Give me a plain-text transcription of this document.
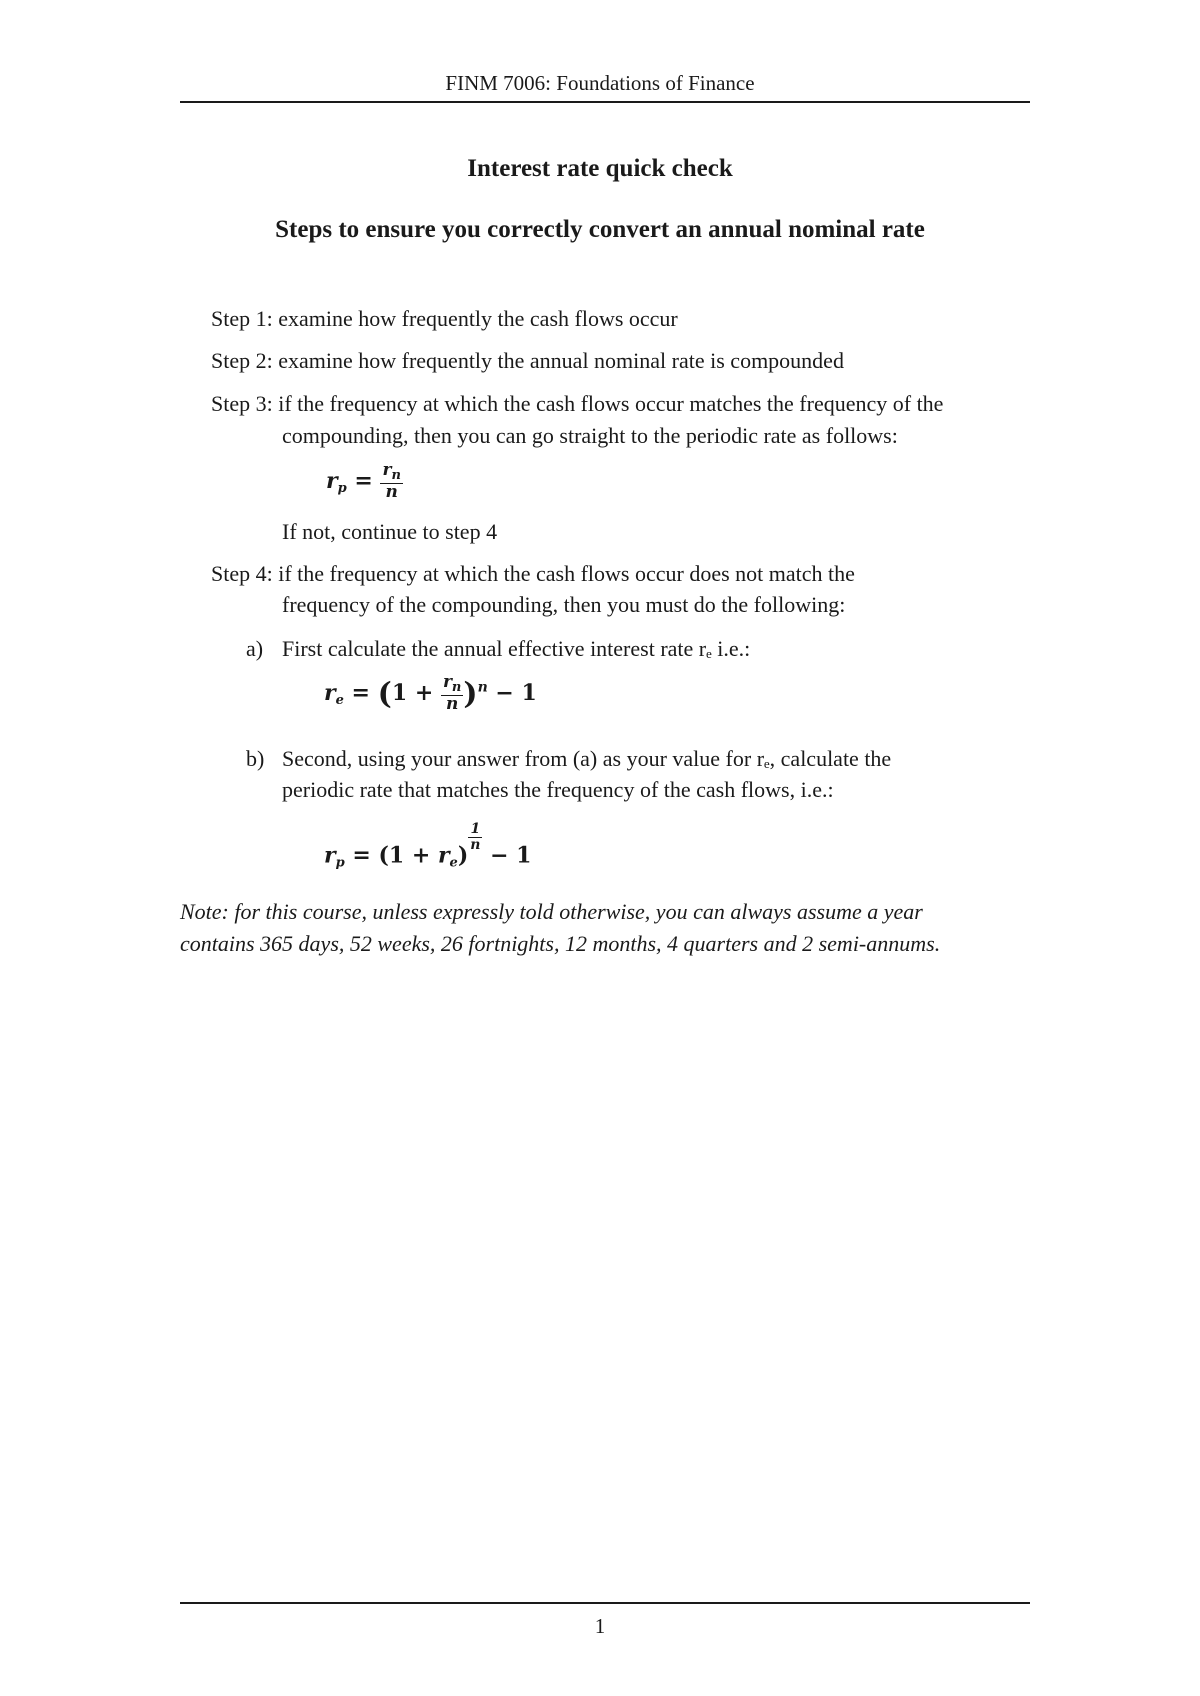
FINM 7006: Foundations of Finance
Interest rate quick check
Steps to ensure you correctly convert an annual nominal rate
Step 1: examine how frequently the cash flows occur
Step 2: examine how frequently the annual nominal rate is compounded
Step 3: if the frequency at which the cash flows occur matches the frequency of the
compounding, then you can go straight to the periodic rate as follows:
$r_p = \frac{r_n}{n}$
If not, continue to step 4
Step 4: if the frequency at which the cash flows occur does not match the
frequency of the compounding, then you must do the following:
a) First calculate the annual effective interest rate rₑ i.e.:
$r_e = (1 + \frac{r_n}{n} )^n - 1$
b) Second, using your answer from (a) as your value for rₑ, calculate the
periodic rate that matches the frequency of the cash flows, i.e.:
$r_p = (1 + r_e)$
$\frac{1}{n}$
− 1
Note: for this course, unless expressly told otherwise, you can always assume a year
contains 365 days, 52 weeks, 26 fortnights, 12 months, 4 quarters and 2 semi-annums.
1
